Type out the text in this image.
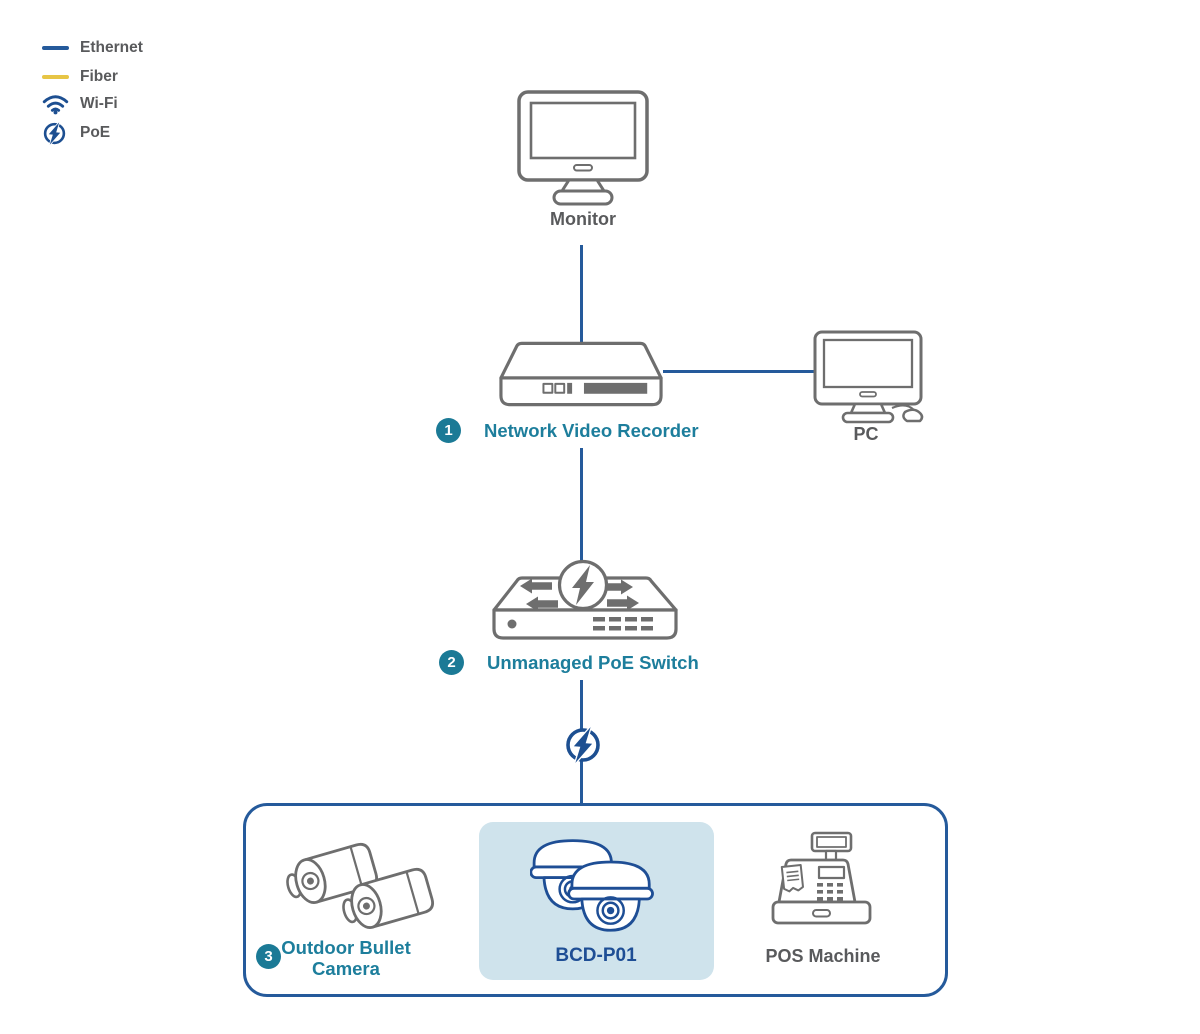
Ethernet
Fiber
Wi-Fi
PoE
Monitor
1	Network Video Recorder	PC
2	Unmanaged PoE Switch
3 Outdoor Bullet
Camera
BCD-P01	POS Machine
